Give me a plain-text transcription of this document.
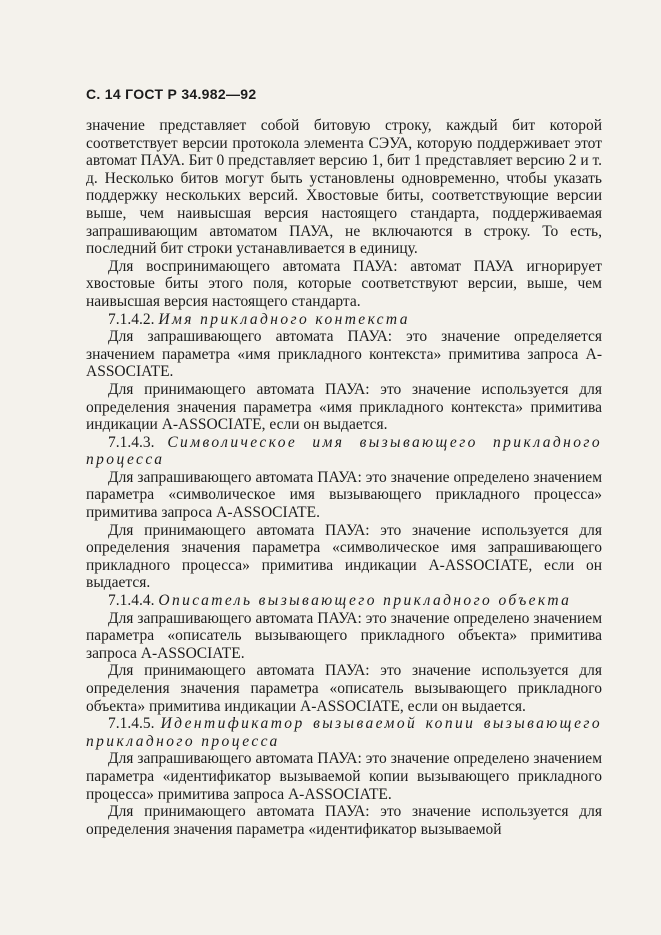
С. 14 ГОСТ Р 34.982—92

значение представляет собой битовую строку, каждый бит которой соответствует версии протокола элемента СЭУА, которую поддерживает этот автомат ПАУА. Бит 0 представляет версию 1, бит 1 представляет версию 2 и т. д. Несколько битов могут быть установлены одновременно, чтобы указать поддержку нескольких версий. Хвостовые биты, соответствующие версии выше, чем наивысшая версия настоящего стандарта, поддерживаемая запрашивающим автоматом ПАУА, не включаются в строку. То есть, последний бит строки устанавливается в единицу.

Для воспринимающего автомата ПАУА: автомат ПАУА игнорирует хвостовые биты этого поля, которые соответствуют версии, выше, чем наивысшая версия настоящего стандарта.

7.1.4.2. Имя прикладного контекста

Для запрашивающего автомата ПАУА: это значение определяется значением параметра «имя прикладного контекста» примитива запроса A-ASSOCIATE.

Для принимающего автомата ПАУА: это значение используется для определения значения параметра «имя прикладного контекста» примитива индикации A-ASSOCIATE, если он выдается.

7.1.4.3. Символическое имя вызывающего прикладного процесса

Для запрашивающего автомата ПАУА: это значение определено значением параметра «символическое имя вызывающего прикладного процесса» примитива запроса A-ASSOCIATE.

Для принимающего автомата ПАУА: это значение используется для определения значения параметра «символическое имя запрашивающего прикладного процесса» примитива индикации A-ASSOCIATE, если он выдается.

7.1.4.4. Описатель вызывающего прикладного объекта

Для запрашивающего автомата ПАУА: это значение определено значением параметра «описатель вызывающего прикладного объекта» примитива запроса A-ASSOCIATE.

Для принимающего автомата ПАУА: это значение используется для определения значения параметра «описатель вызывающего прикладного объекта» примитива индикации A-ASSOCIATE, если он выдается.

7.1.4.5. Идентификатор вызываемой копии вызывающего прикладного процесса

Для запрашивающего автомата ПАУА: это значение определено значением параметра «идентификатор вызываемой копии вызывающего прикладного процесса» примитива запроса A-ASSOCIATE.

Для принимающего автомата ПАУА: это значение используется для определения значения параметра «идентификатор вызываемой
